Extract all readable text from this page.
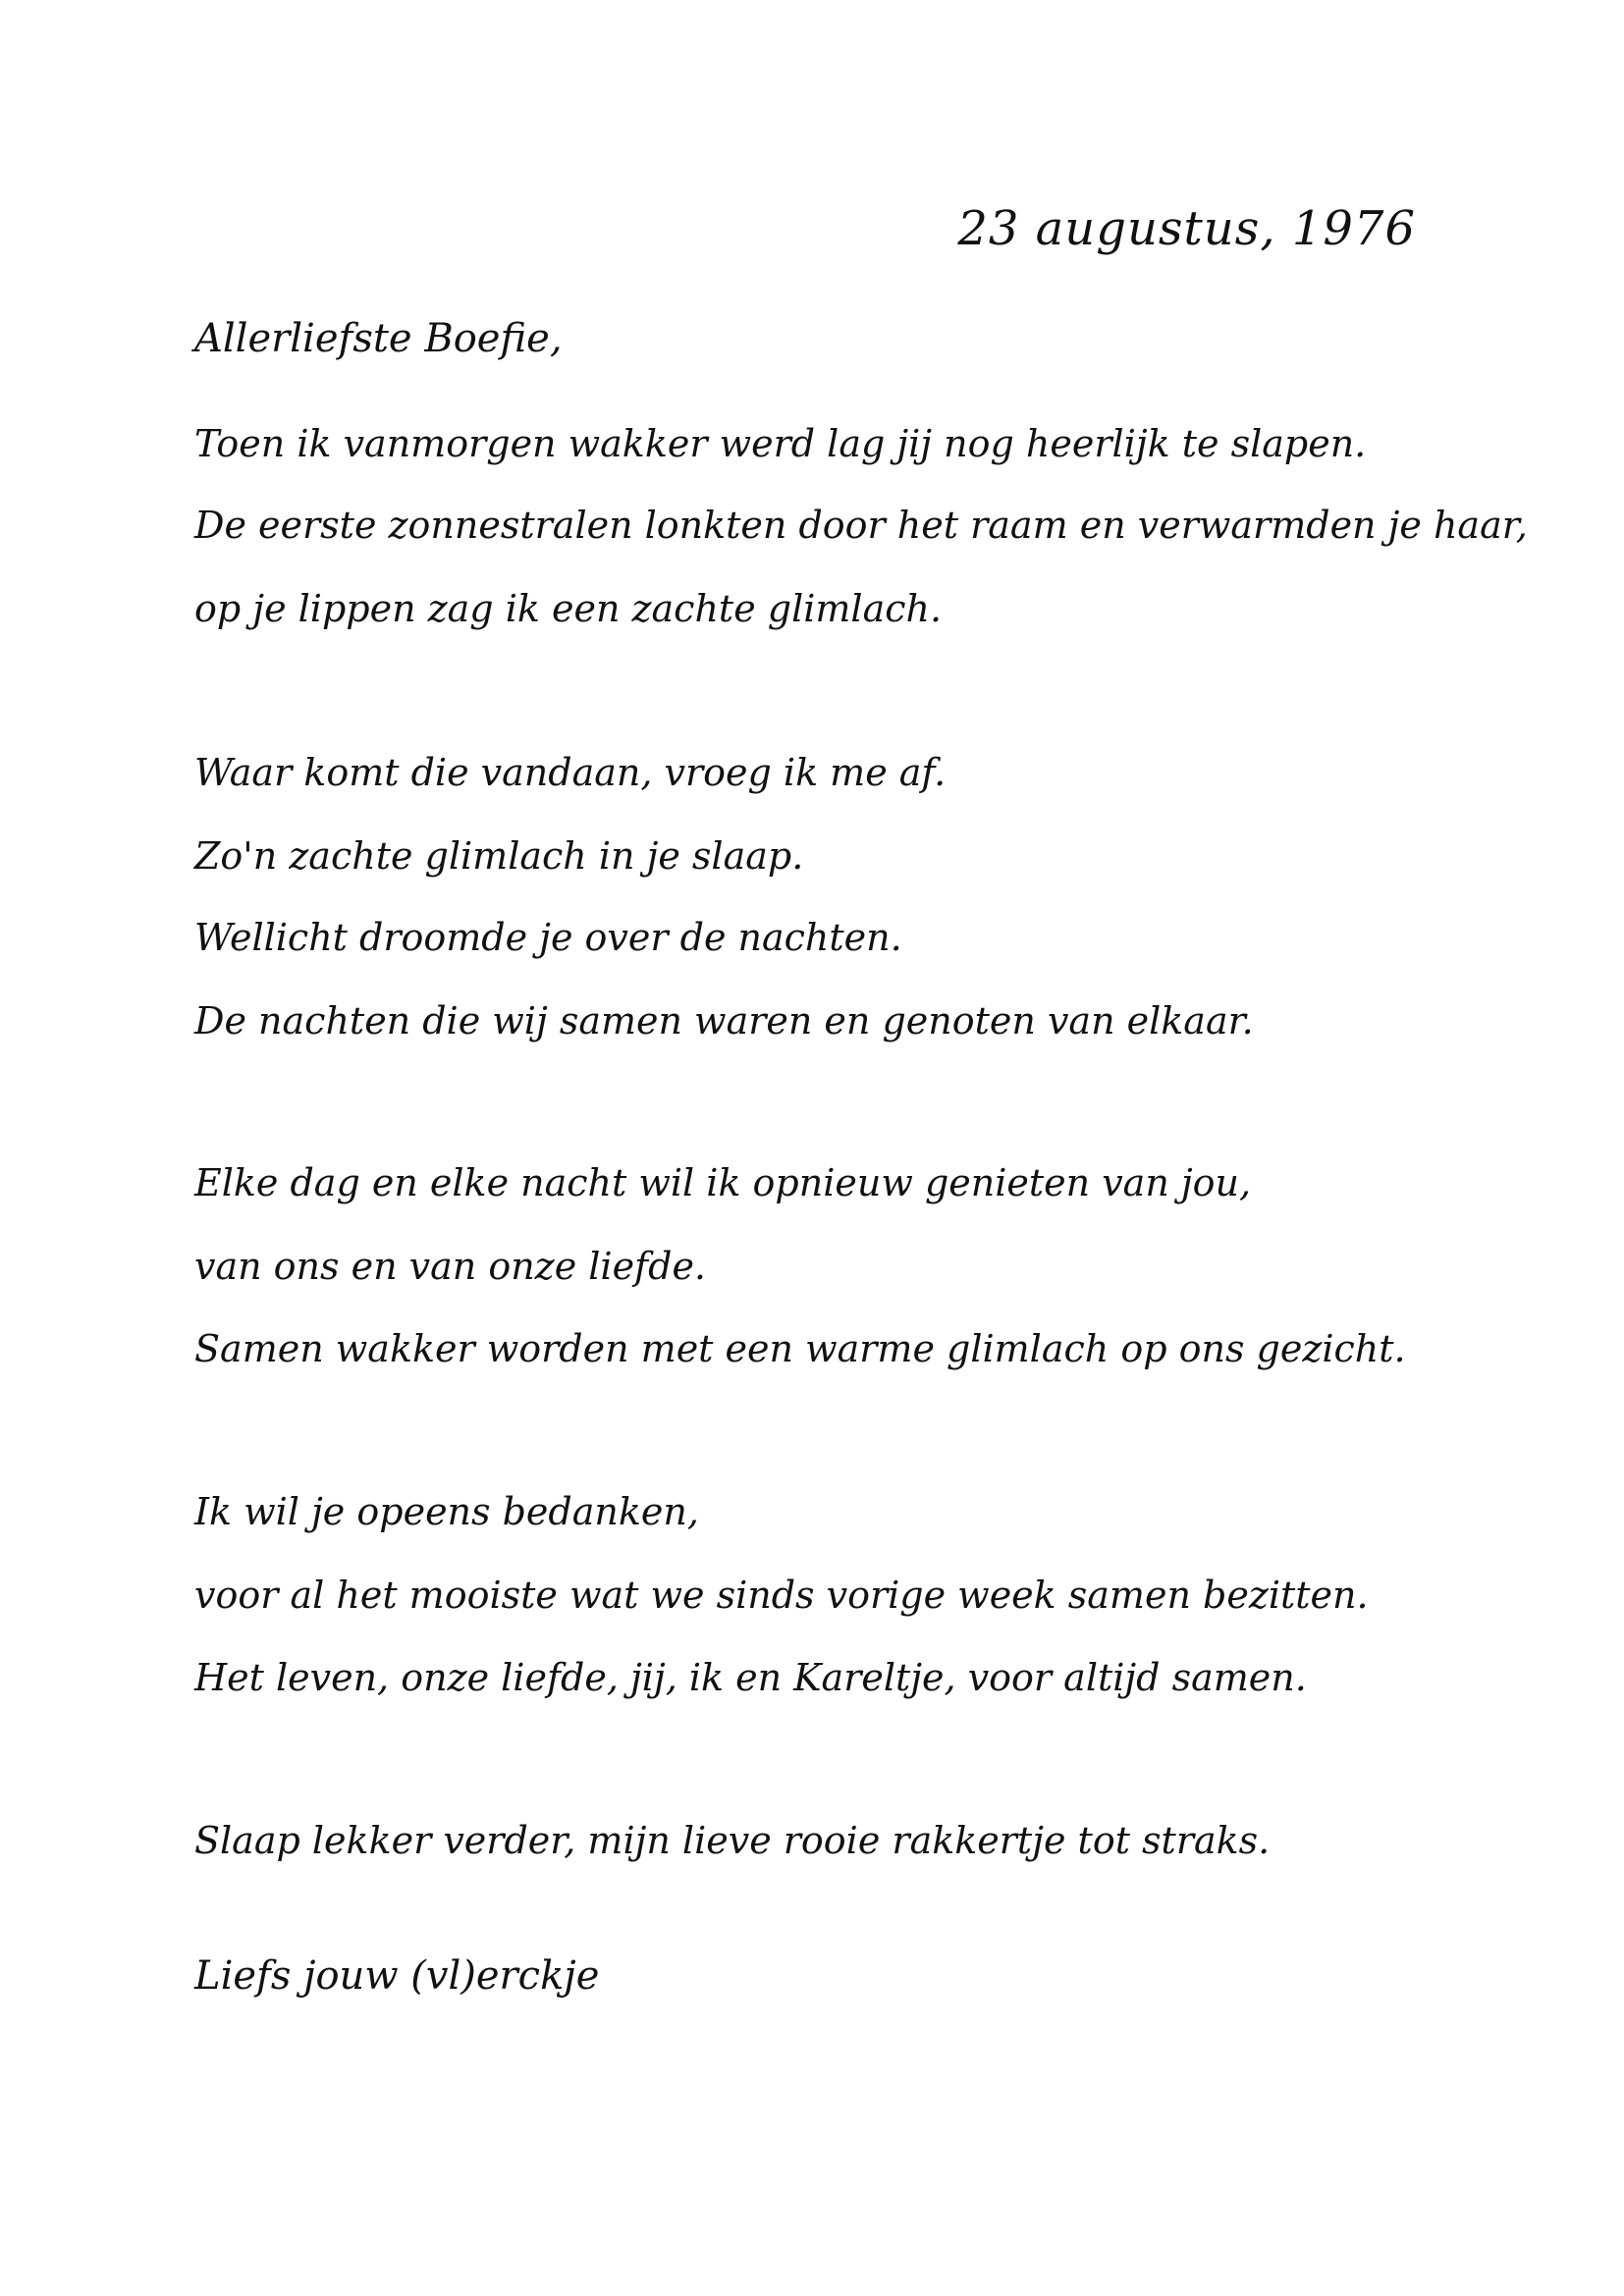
23 augustus, 1976
Allerliefste Boefie,
Toen ik vanmorgen wakker werd lag jij nog heerlijk te slapen.
De eerste zonnestralen lonkten door het raam en verwarmden je haar,
op je lippen zag ik een zachte glimlach.
Waar komt die vandaan, vroeg ik me af.
Zo'n zachte glimlach in je slaap.
Wellicht droomde je over de nachten.
De nachten die wij samen waren en genoten van elkaar.
Elke dag en elke nacht wil ik opnieuw genieten van jou,
van ons en van onze liefde.
Samen wakker worden met een warme glimlach op ons gezicht.
Ik wil je opeens bedanken,
voor al het mooiste wat we sinds vorige week samen bezitten.
Het leven, onze liefde, jij, ik en Kareltje, voor altijd samen.
Slaap lekker verder, mijn lieve rooie rakkertje tot straks.
Liefs jouw (vl)erckje
